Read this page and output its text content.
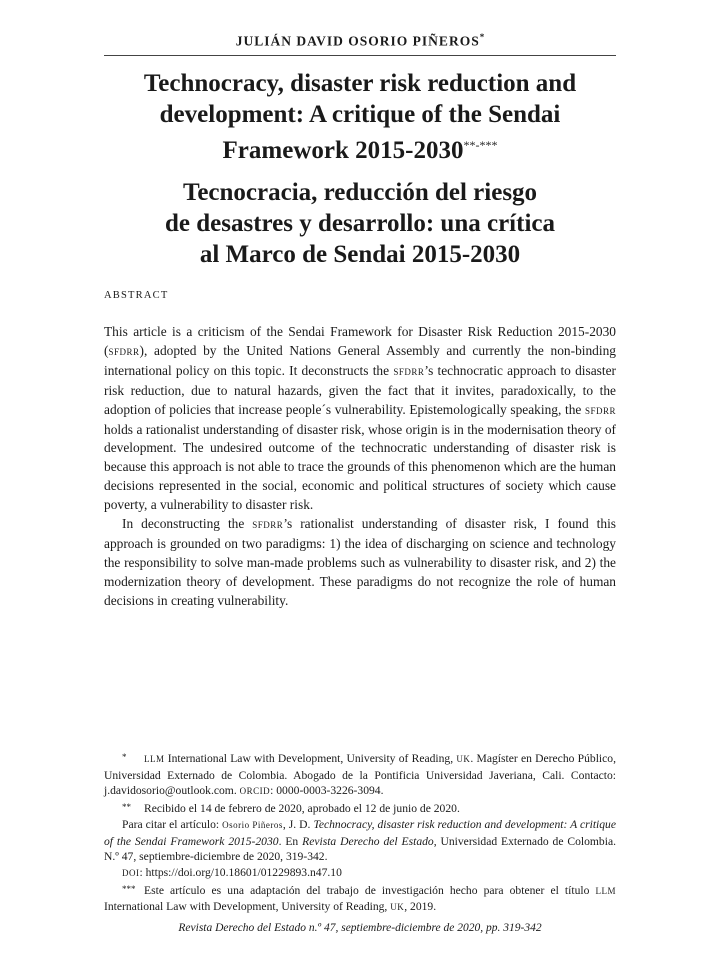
JULIÁN DAVID OSORIO PIÑEROS*
Technocracy, disaster risk reduction and
development: A critique of the Sendai
Framework 2015-2030**-***
Tecnocracia, reducción del riesgo
de desastres y desarrollo: una crítica
al Marco de Sendai 2015-2030
ABSTRACT

This article is a criticism of the Sendai Framework for Disaster Risk Reduction 2015-2030 (SFDRR), adopted by the United Nations General Assembly and currently the non-binding international policy on this topic. It deconstructs the SFDRR’s technocratic approach to disaster risk reduction, due to natural hazards, given the fact that it invites, paradoxically, to the adoption of policies that increase people´s vulnerability. Epistemologically speaking, the SFDRR holds a rationalist understanding of disaster risk, whose origin is in the modernisation theory of development. The undesired outcome of the technocratic understanding of disaster risk is because this approach is not able to trace the grounds of this phenomenon which are the human decisions represented in the social, economic and political structures of society which cause poverty, a vulnerability to disaster risk.

In deconstructing the SFDRR’s rationalist understanding of disaster risk, I found this approach is grounded on two paradigms: 1) the idea of discharging on science and technology the responsibility to solve man-made problems such as vulnerability to disaster risk, and 2) the modernization theory of development. These paradigms do not recognize the role of human decisions in creating vulnerability.

* LLM International Law with Development, University of Reading, UK. Magíster en Derecho Público, Universidad Externado de Colombia. Abogado de la Pontificia Universidad Javeriana, Cali. Contacto: j.davidosorio@outlook.com. ORCID: 0000-0003-3226-3094.

** Recibido el 14 de febrero de 2020, aprobado el 12 de junio de 2020.

Para citar el artículo: Osorio Piñeros, J. D. Technocracy, disaster risk reduction and development: A critique of the Sendai Framework 2015-2030. En Revista Derecho del Estado, Universidad Externado de Colombia. N.º 47, septiembre-diciembre de 2020, 319-342.

DOI: https://doi.org/10.18601/01229893.n47.10

*** Este artículo es una adaptación del trabajo de investigación hecho para obtener el título LLM International Law with Development, University of Reading, UK, 2019.

Revista Derecho del Estado n.º 47, septiembre-diciembre de 2020, pp. 319-342
